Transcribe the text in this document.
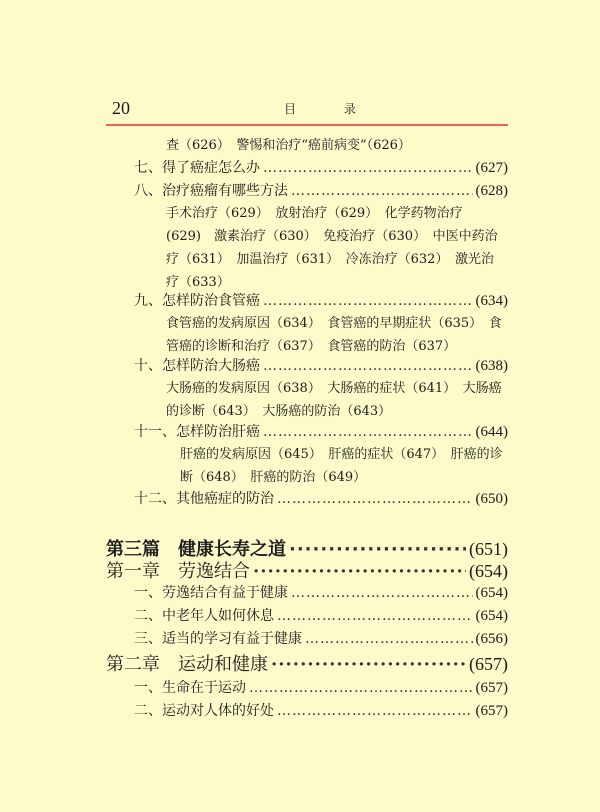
20	目 录
查（626）　警惕和治疗“癌前病变”（626）
七、得了癌症怎么办 ………………………………………………………………………………………………………………………	(627)
八、治疗癌瘤有哪些方法 ………………………………………………………………………………………………………………………	(628)
手术治疗（629）　放射治疗（629）　化学药物治疗
(629)　激素治疗（630）　免疫治疗（630）　中医中药治
疗（631）　加温治疗（631）　冷冻治疗（632）　激光治
疗（633）
九、怎样防治食管癌 ………………………………………………………………………………………………………………………	(634)
食管癌的发病原因（634）　食管癌的早期症状（635）　食
管癌的诊断和治疗（637）　食管癌的防治（637）
十、怎样防治大肠癌 ………………………………………………………………………………………………………………………	(638)
大肠癌的发病原因（638）　大肠癌的症状（641）　大肠癌
的诊断（643）　大肠癌的防治（643）
十一、怎样防治肝癌 ………………………………………………………………………………………………………………………	(644)
肝癌的发病原因（645）　肝癌的症状（647）　肝癌的诊
断（648）　肝癌的防治（649）
十二、其他癌症的防治 ………………………………………………………………………………………………………………………	(650)
第三篇　健康长寿之道 ·····	(651)
第一章　劳逸结合 ·····	(654)
一、劳逸结合有益于健康 ………………………………………………………………………………………………………………………	(654)
二、中老年人如何休息 ………………………………………………………………………………………………………………………	(654)
三、适当的学习有益于健康 ………………………………………………………………………………………………………………………	(656)
第二章　运动和健康 ·····	(657)
一、生命在于运动 ………………………………………………………………………………………………………………………	(657)
二、运动对人体的好处 ………………………………………………………………………………………………………………………	(657)
